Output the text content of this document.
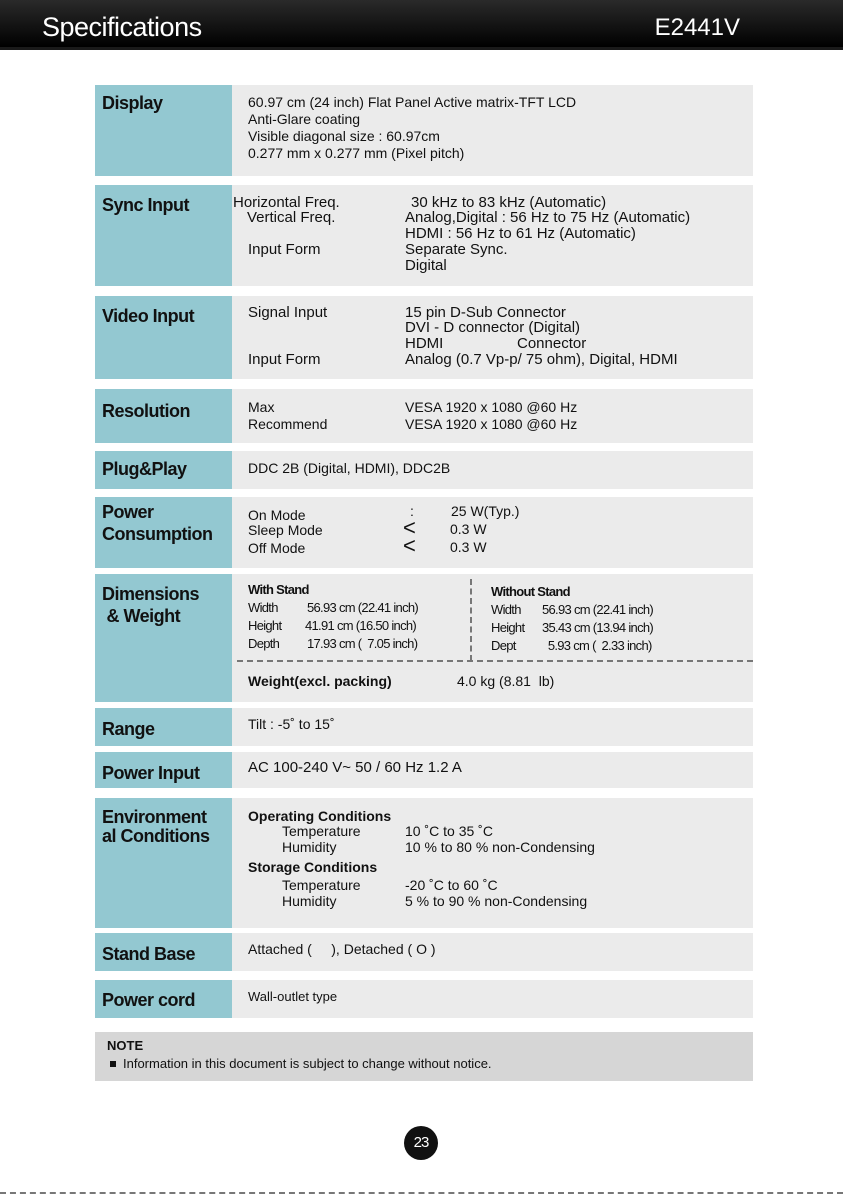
Specifications	E2441V
Display	60.97 cm (24 inch) Flat Panel Active matrix-TFT LCD
Anti-Glare coating
Visible diagonal size : 60.97cm
0.277 mm x 0.277 mm (Pixel pitch)
Sync Input	Horizontal Freq.	30 kHz to 83 kHz (Automatic)
Vertical Freq.	Analog,Digital : 56 Hz to 75 Hz (Automatic)
HDMI : 56 Hz to 61 Hz (Automatic)
Input Form	Separate Sync.
Digital
Video Input	Signal Input	15 pin D-Sub Connector
DVI - D connector (Digital)
HDMI	Connector
Input Form	Analog (0.7 Vp-p/ 75 ohm), Digital, HDMI
Resolution	Max	VESA 1920 x 1080 @60 Hz
Recommend	VESA 1920 x 1080 @60 Hz
Plug&Play	DDC 2B (Digital, HDMI), DDC2B
Power
Consumption
On Mode	:	25 W(Typ.)
Sleep Mode	< 0.3 W
Off Mode	< 0.3 W
Dimensions
& Weight
With Stand
Width 56.93 cm (22.41 inch)
Height 41.91 cm (16.50 inch)
Depth 17.93 cm (  7.05 inch)
Without Stand
Width 56.93 cm (22.41 inch)
Height 35.43 cm (13.94 inch)
Dept 5.93 cm (  2.33 inch)
Weight(excl. packing)	4.0 kg (8.81  lb)
Range	Tilt : -5˚ to 15˚
Power Input	AC 100-240 V~ 50 / 60 Hz 1.2 A
Environment
al Conditions
Operating Conditions
Temperature	10 ˚C to 35 ˚C
Humidity	10 % to 80 % non-Condensing
Storage Conditions
Temperature	-20 ˚C to 60 ˚C
Humidity	5 % to 90 % non-Condensing
Stand Base	Attached (     ), Detached ( O )
Power cord	Wall-outlet type
NOTE
Information in this document is subject to change without notice.
23
